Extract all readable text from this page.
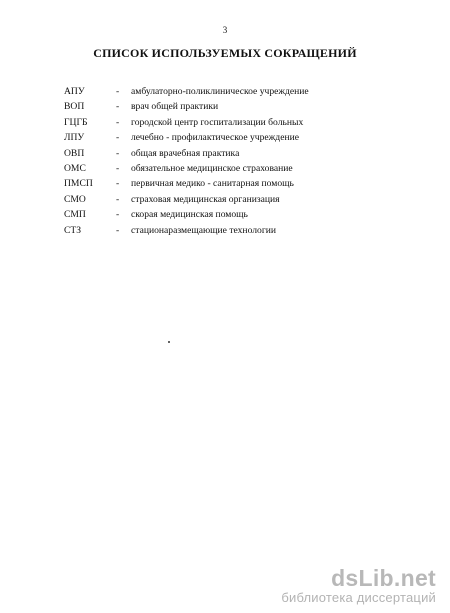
3
СПИСОК ИСПОЛЬЗУЕМЫХ СОКРАЩЕНИЙ
АПУ	- амбулаторно-поликлиническое учреждение
ВОП	- врач общей практики
ГЦГБ	- городской центр госпитализации больных
ЛПУ	- лечебно - профилактическое учреждение
ОВП	- общая врачебная практика
ОМС	- обязательное медицинское страхование
ПМСП - первичная медико - санитарная помощь
СМО	- страховая медицинская организация
СМП	- скорая медицинская помощь
СТЗ	- стационаразмещающие технологии
dsLib.net
библиотека диссертаций
